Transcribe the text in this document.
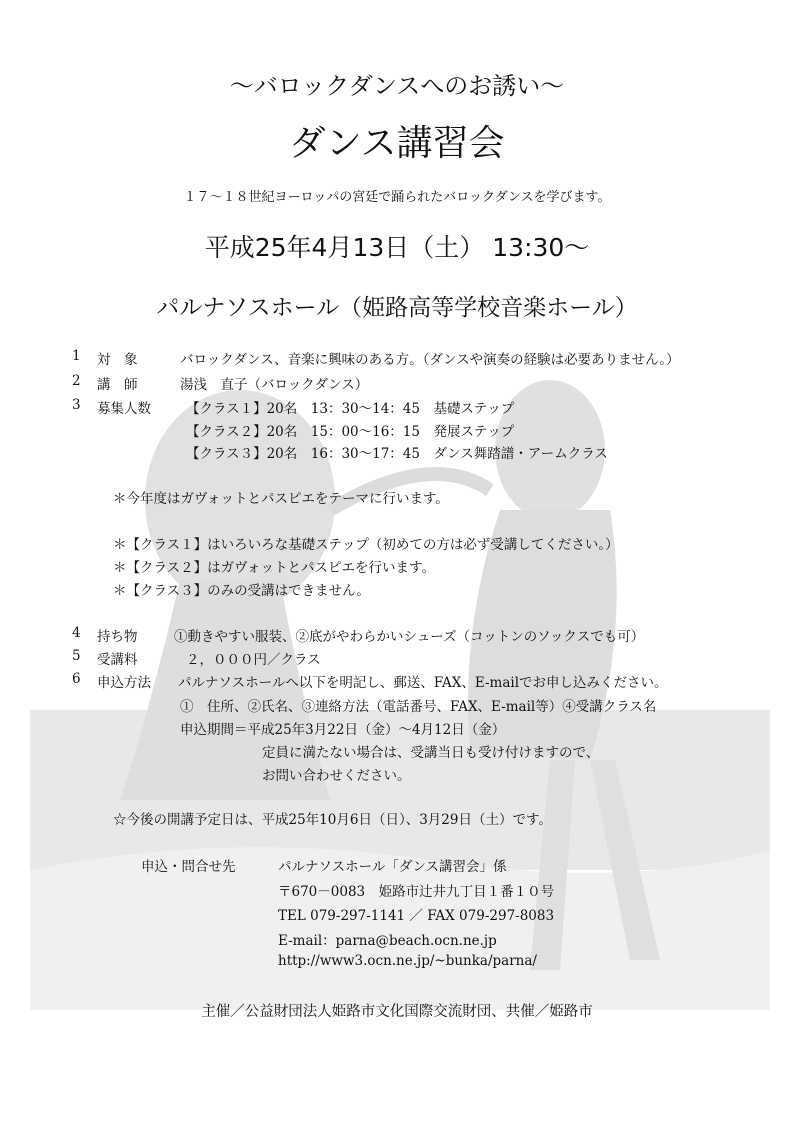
～バロックダンスへのお誘い～
ダンス講習会
１７～１８世紀ヨーロッパの宮廷で踊られたバロックダンスを学びます。
平成25年4月13日（土） 13:30～
パルナソスホール（姫路高等学校音楽ホール）
1 対　象	バロックダンス、音楽に興味のある方。（ダンスや演奏の経験は必要ありません。）
2 講　師	湯浅　直子（バロックダンス）
3 募集人数	【クラス１】20名　13：30～14：45　基礎ステップ
【クラス２】20名　15：00～16：15　発展ステップ
【クラス３】20名　16：30～17：45　ダンス舞踏譜・アームクラス
＊今年度はガヴォットとパスピエをテーマに行います。
＊【クラス１】はいろいろな基礎ステップ（初めての方は必ず受講してください。）
＊【クラス２】はガヴォットとパスピエを行います。
＊【クラス３】のみの受講はできません。
4 持ち物	①動きやすい服装、②底がやわらかいシューズ（コットンのソックスでも可）
5 受講料	２，０００円／クラス
6 申込方法 パルナソスホールへ以下を明記し、郵送、FAX、E-mailでお申し込みください。
①　住所、②氏名、③連絡方法（電話番号、FAX、E-mail等）④受講クラス名
申込期間＝平成25年3月22日（金）～4月12日（金）
定員に満たない場合は、受講当日も受け付けますので、
お問い合わせください。
☆今後の開講予定日は、平成25年10月6日（日）、3月29日（土）です。
申込・問合せ先	パルナソスホール「ダンス講習会」係
〒670－0083　姫路市辻井九丁目１番１０号
TEL 079-297-1141 ／ FAX 079-297-8083
E-mail：parna@beach.ocn.ne.jp
http://www3.ocn.ne.jp/~bunka/parna/
主催／公益財団法人姫路市文化国際交流財団、共催／姫路市
